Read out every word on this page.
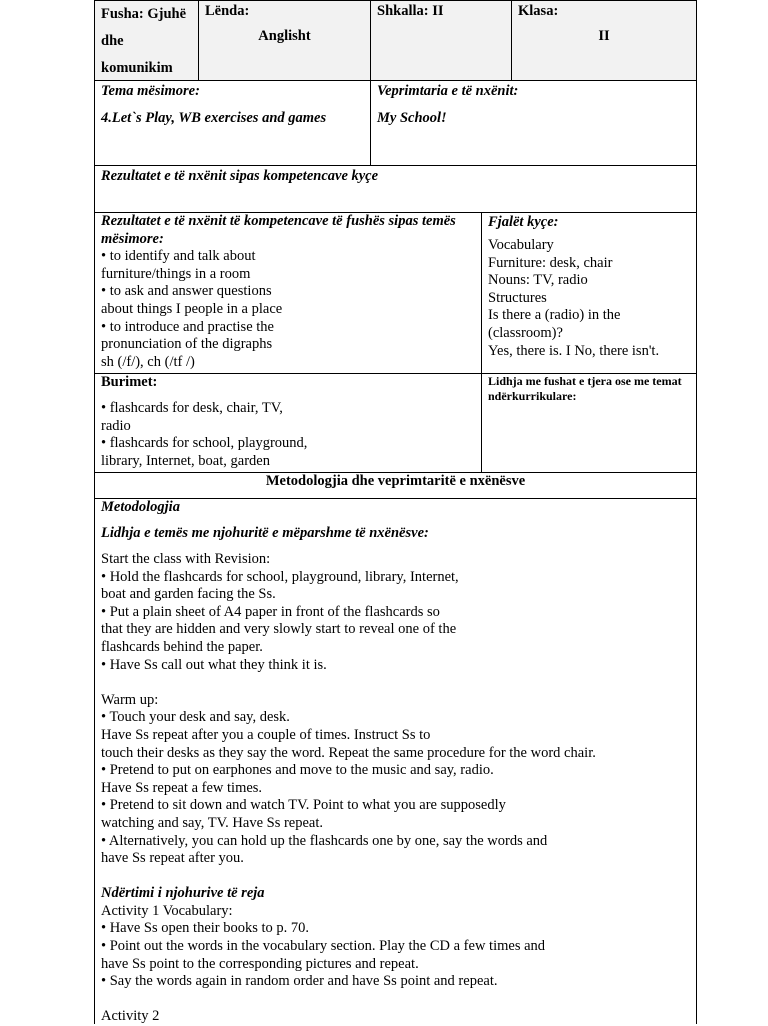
Fusha: Gjuhë
dhe
komunikim
Lënda:
Anglisht
Shkalla: II	Klasa:
II
Tema mësimore:
4.Let`s Play, WB exercises and games
Veprimtaria e të nxënit:
My School!
Rezultatet e të nxënit sipas kompetencave kyçe
Rezultatet e të nxënit të kompetencave të fushës sipas temës
mësimore:
• to identify and talk about
furniture/things in a room
• to ask and answer questions
about things I people in a place
• to introduce and practise the
pronunciation of the digraphs
sh (/f/), ch (/tf /)
Fjalët kyçe:
Vocabulary
Furniture: desk, chair
Nouns: TV, radio
Structures
Is there a (radio) in the
(classroom)?
Yes, there is. I No, there isn't.
Burimet:
• flashcards for desk, chair, TV,
radio
• flashcards for school, playground,
library, Internet, boat, garden
Lidhja me fushat e tjera ose me temat
ndërkurrikulare:
Metodologjia dhe veprimtaritë e nxënësve
Metodologjia
Lidhja e temës me njohuritë e mëparshme të nxënësve:
Start the class with Revision:
• Hold the flashcards for school, playground, library, Internet,
boat and garden facing the Ss.
• Put a plain sheet of A4 paper in front of the flashcards so
that they are hidden and very slowly start to reveal one of the
flashcards behind the paper.
• Have Ss call out what they think it is.
Warm up:
• Touch your desk and say, desk.
Have Ss repeat after you a couple of times. Instruct Ss to
touch their desks as they say the word. Repeat the same procedure for the word chair.
• Pretend to put on earphones and move to the music and say, radio.
Have Ss repeat a few times.
• Pretend to sit down and watch TV. Point to what you are supposedly
watching and say, TV. Have Ss repeat.
• Alternatively, you can hold up the flashcards one by one, say the words and
have Ss repeat after you.
Ndërtimi i njohurive të reja
Activity 1 Vocabulary:
• Have Ss open their books to p. 70.
• Point out the words in the vocabulary section. Play the CD a few times and
have Ss point to the corresponding pictures and repeat.
• Say the words again in random order and have Ss point and repeat.
Activity 2
